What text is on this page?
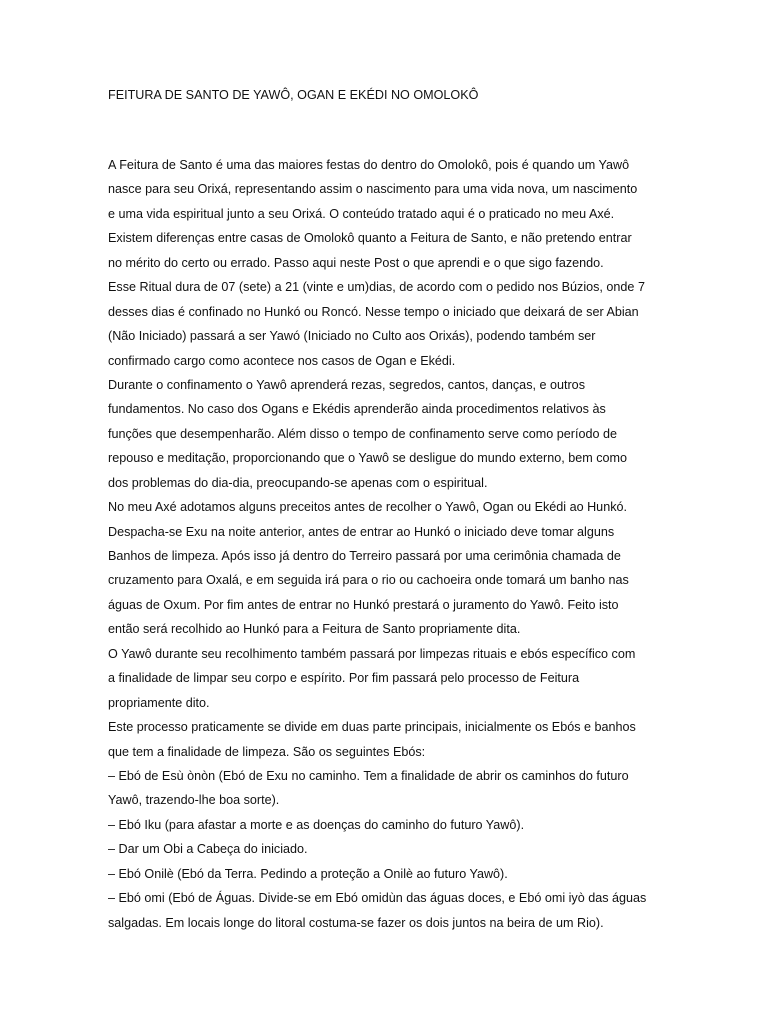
FEITURA DE SANTO DE YAWÔ, OGAN E EKÉDI NO OMOLOKÔ
A Feitura de Santo é uma das maiores festas do dentro do Omolokô, pois é quando um Yawô
nasce para seu Orixá, representando assim o nascimento para uma vida nova, um nascimento
e uma vida espiritual junto a seu Orixá. O conteúdo tratado aqui é o praticado no meu Axé.
Existem diferenças entre casas de Omolokô quanto a Feitura de Santo, e não pretendo entrar
no mérito do certo ou errado. Passo aqui neste Post o que aprendi e o que sigo fazendo.
Esse Ritual dura de 07 (sete) a 21 (vinte e um)dias, de acordo com o pedido nos Búzios, onde 7
desses dias é confinado no Hunkó ou Roncó. Nesse tempo o iniciado que deixará de ser Abian
(Não Iniciado) passará a ser Yawó (Iniciado no Culto aos Orixás), podendo também ser
confirmado cargo como acontece nos casos de Ogan e Ekédi.
Durante o confinamento o Yawô aprenderá rezas, segredos, cantos, danças, e outros
fundamentos. No caso dos Ogans e Ekédis aprenderão ainda procedimentos relativos às
funções que desempenharão. Além disso o tempo de confinamento serve como período de
repouso e meditação, proporcionando que o Yawô se desligue do mundo externo, bem como
dos problemas do dia-dia, preocupando-se apenas com o espiritual.
No meu Axé adotamos alguns preceitos antes de recolher o Yawô, Ogan ou Ekédi ao Hunkó.
Despacha-se Exu na noite anterior, antes de entrar ao Hunkó o iniciado deve tomar alguns
Banhos de limpeza. Após isso já dentro do Terreiro passará por uma cerimônia chamada de
cruzamento para Oxalá, e em seguida irá para o rio ou cachoeira onde tomará um banho nas
águas de Oxum. Por fim antes de entrar no Hunkó prestará o juramento do Yawô. Feito isto
então será recolhido ao Hunkó para a Feitura de Santo propriamente dita.
O Yawô durante seu recolhimento também passará por limpezas rituais e ebós específico com
a finalidade de limpar seu corpo e espírito. Por fim passará pelo processo de Feitura
propriamente dito.
Este processo praticamente se divide em duas parte principais, inicialmente os Ebós e banhos
que tem a finalidade de limpeza. São os seguintes Ebós:
– Ebó de Esù ònòn (Ebó de Exu no caminho. Tem a finalidade de abrir os caminhos do futuro
Yawô, trazendo-lhe boa sorte).
– Ebó Iku (para afastar a morte e as doenças do caminho do futuro Yawô).
– Dar um Obi a Cabeça do iniciado.
– Ebó Onilè (Ebó da Terra. Pedindo a proteção a Onilè ao futuro Yawô).
– Ebó omi (Ebó de Águas. Divide-se em Ebó omidùn das águas doces, e Ebó omi iyò das águas
salgadas. Em locais longe do litoral costuma-se fazer os dois juntos na beira de um Rio).
